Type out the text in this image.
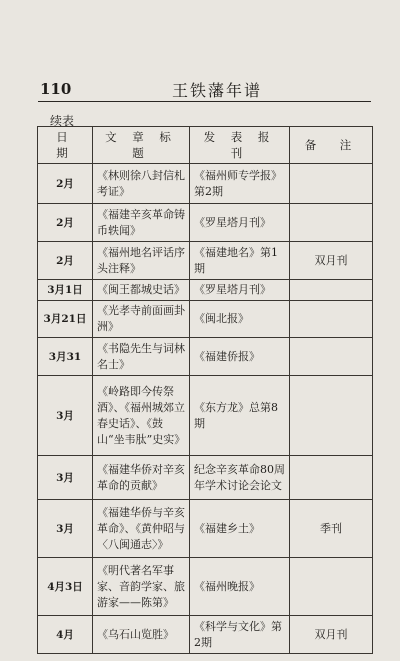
110	王铁藩年谱
续表
日　期	文 章 标 题	发 表 报 刊	备　注
2月	《林则徐八封信札考证》	《福州师专学报》第2期	
2月	《福建辛亥革命铸币轶闻》	《罗星塔月刊》	
2月	《福州地名评话序头注释》	《福建地名》第1期	双月刊
3月1日	《闽王都城史话》	《罗星塔月刊》	
3月21日	《光孝寺前面画卦洲》	《闽北报》	
3月31	《书隐先生与词林名士》	《福建侨报》	
3月	《岭路即今传祭酒》、《福州城郊立春史话》、《鼓山“坐韦肽”史实》	《东方龙》总第8期	
3月	《福建华侨对辛亥革命的贡献》	纪念辛亥革命80周年学术讨论会论文	
3月	《福建华侨与辛亥革命》、《黄仲昭与〈八闽通志〉》	《福建乡土》	季刊
4月3日	《明代著名军事家、音韵学家、旅游家——陈第》	《福州晚报》	
4月	《乌石山览胜》	《科学与文化》第2期	双月刊
